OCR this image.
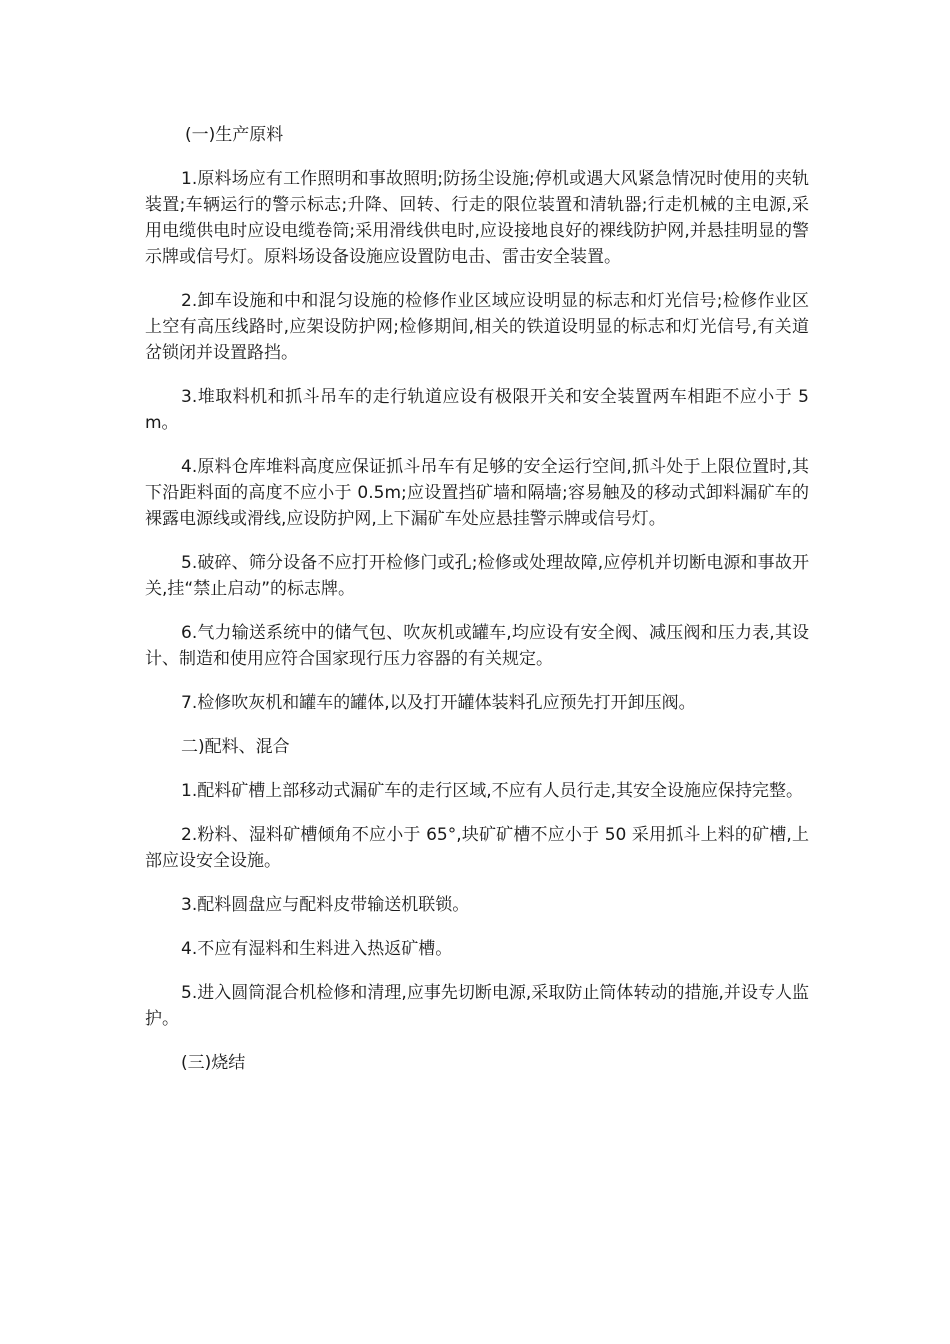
(一)生产原料

1.原料场应有工作照明和事故照明;防扬尘设施;停机或遇大风紧急情况时使用的夹轨装置;车辆运行的警示标志;升降、回转、行走的限位装置和清轨器;行走机械的主电源,采用电缆供电时应设电缆卷筒;采用滑线供电时,应设接地良好的裸线防护网,并悬挂明显的警示牌或信号灯。原料场设备设施应设置防电击、雷击安全装置。

2.卸车设施和中和混匀设施的检修作业区域应设明显的标志和灯光信号;检修作业区上空有高压线路时,应架设防护网;检修期间,相关的铁道设明显的标志和灯光信号,有关道岔锁闭并设置路挡。

3.堆取料机和抓斗吊车的走行轨道应设有极限开关和安全装置两车相距不应小于 5m。

4.原料仓库堆料高度应保证抓斗吊车有足够的安全运行空间,抓斗处于上限位置时,其下沿距料面的高度不应小于 0.5m;应设置挡矿墙和隔墙;容易触及的移动式卸料漏矿车的裸露电源线或滑线,应设防护网,上下漏矿车处应悬挂警示牌或信号灯。

5.破碎、筛分设备不应打开检修门或孔;检修或处理故障,应停机并切断电源和事故开关,挂“禁止启动”的标志牌。

6.气力输送系统中的储气包、吹灰机或罐车,均应设有安全阀、减压阀和压力表,其设计、制造和使用应符合国家现行压力容器的有关规定。

7.检修吹灰机和罐车的罐体,以及打开罐体装料孔应预先打开卸压阀。

二)配料、混合

1.配料矿槽上部移动式漏矿车的走行区域,不应有人员行走,其安全设施应保持完整。

2.粉料、湿料矿槽倾角不应小于 65°,块矿矿槽不应小于 50 采用抓斗上料的矿槽,上部应设安全设施。

3.配料圆盘应与配料皮带输送机联锁。

4.不应有湿料和生料进入热返矿槽。

5.进入圆筒混合机检修和清理,应事先切断电源,采取防止筒体转动的措施,并设专人监护。

(三)烧结
